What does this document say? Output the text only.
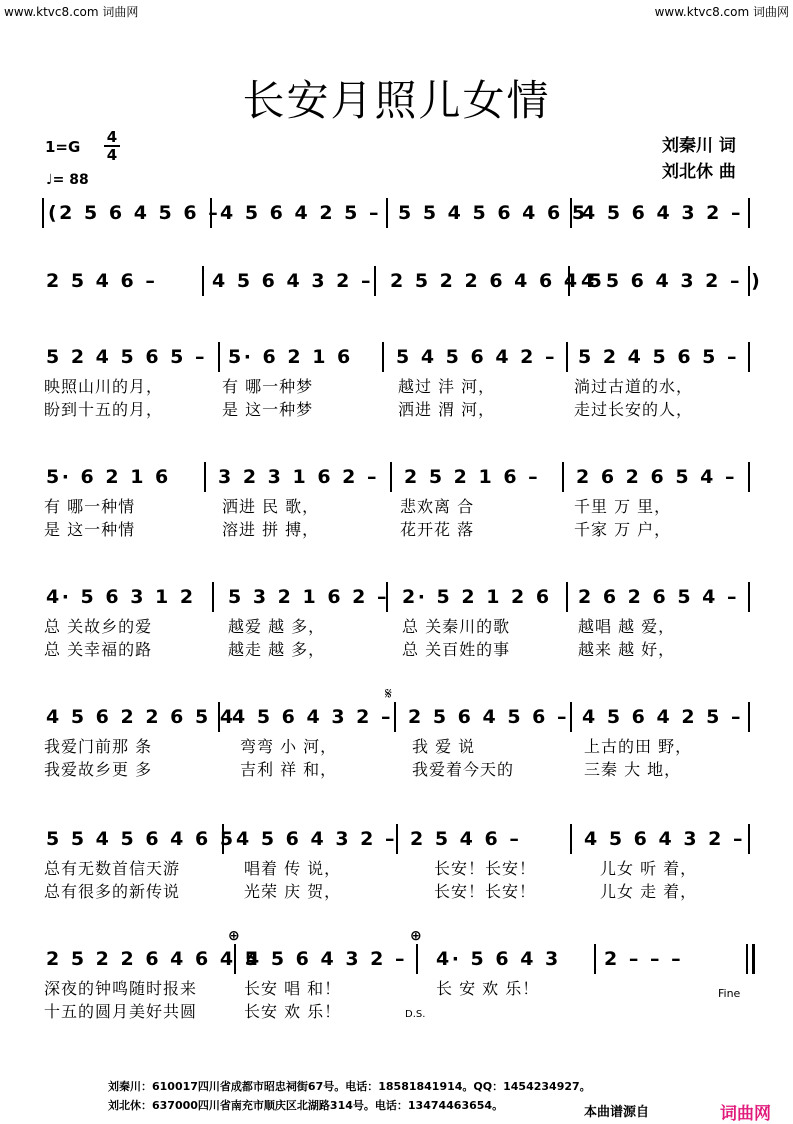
www.ktvc8.com 词曲网	www.ktvc8.com 词曲网
长安月照儿女情
刘秦川 词
刘北休 曲
1=G
4
4
♩= 88
(2 5 6 4 5 6 – 4 5 6 4 2 5 – 5 5 4 5 6 4 6 5
4 5 6 4 3 2 –
2 5 4 6 –	4 5 6 4 3 2 – 2 5 2 2 6 4 6 4 5
4 5 6 4 3 2 – )
5 2 4 5 6 5 –
映照山川的月，
盼到十五的月，
5· 6 2 1 6
有 哪一种梦
是 这一种梦
5 4 5 6 4 2 –
越过 沣 河，
洒进 渭 河，
5 2 4 5 6 5 –
淌过古道的水，
走过长安的人，
5· 6 2 1 6
有 哪一种情
是 这一种情
3 2 3 1 6 2 –
洒进 民 歌，
溶进 拼 搏，
2 5 2 1 6 –
悲欢离 合
花开花 落
2 6 2 6 5 4 –
千里 万 里，
千家 万 户，
4· 5 6 3 1 2
总 关故乡的爱
总 关幸福的路
5 3 2 1 6 2 –
越爱 越 多，
越走 越 多，
2· 5 2 1 2 6
总 关秦川的歌
总 关百姓的事
2 6 2 6 5 4 –
越唱 越 爱，
越来 越 好，
4 5 6 2 2 6 5 4
我爱门前那 条
我爱故乡更 多
4 5 6 4 3 2 –
弯弯 小 河，
吉利 祥 和，
2 5 6 4 5 6 –
我 爱 说
我爱着今天的
4 5 6 4 2 5 –
上古的田 野，
三秦 大 地，
5 5 4 5 6 4 6 5
总有无数首信天游
总有很多的新传说
4 5 6 4 3 2 –
唱着 传 说，
光荣 庆 贺，
2 5 4 6 –
长安！长安！
长安！长安！
4 5 6 4 3 2 –
儿女 听 着，
儿女 走 着，
2 5 2 2 6 4 6 4 5
深夜的钟鸣随时报来
十五的圆月美好共圆
4 5 6 4 3 2 –
长安 唱 和！
长安 欢 乐！
4· 5 6 4 3
长 安 欢 乐！
2 – – –
𝄋
⊕	⊕
D.S.
Fine
刘秦川：610017四川省成都市昭忠祠街67号。电话：18581841914。QQ：1454234927。
刘北休：637000四川省南充市顺庆区北湖路314号。电话：13474463654。	本曲谱源自	词曲网
